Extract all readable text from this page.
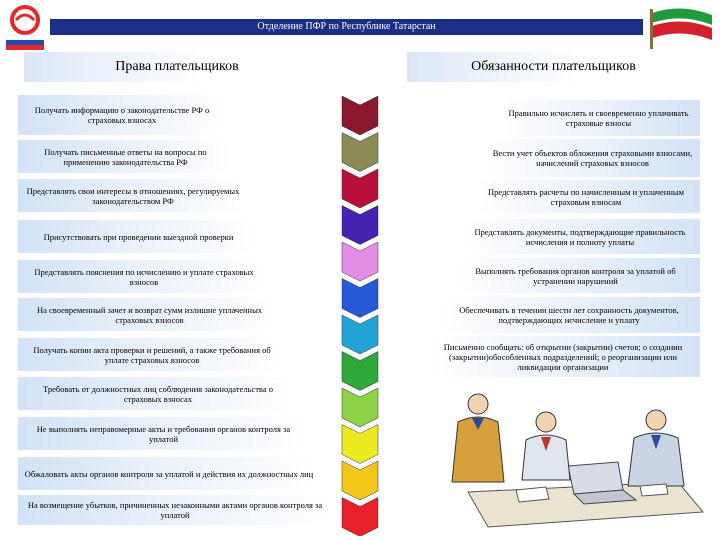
Отделение ПФР по Республике Татарстан
Права плательщиков	Обязанности плательщиков
Получать информацию о законодательстве РФ о страховых взносах
Получать письменные ответы на вопросы по применению законодательства РФ
Представлять свои интересы в отношениях, регулируемых законодательством РФ
Присутствовать при проведении выездной проверки
Представлять пояснения по исчислению и уплате страховых взносов
На своевременный зачет и возврат сумм излишне уплаченных страховых взносов
Получать копии акта проверки и решений, а также требования об уплате страховых взносов
Требовать от должностных лиц соблюдения законодательства о страховых взносах
Не выполнять неправомерные акты и требования органов контроля за уплатой
Обжаловать акты органов контроля за уплатой и действия их должностных лиц
На возмещение убытков, причиненных незаконными актами органов контроля за уплатой
Правильно исчислять и своевременно уплачивать страховые взносы
Вести учет объектов обложения страховыми взносами, начислений страховых взносов
Представлять расчеты по начисленным и уплаченным страховым взносам
Представлять документы, подтверждающие правильность исчисления и полноту уплаты
Выполнять требования органов контроля за уплатой об устранении нарушений
Обеспечивать в течении шести лет сохранность документов, подтверждающих исчисление и уплату
Письменно сообщать: об открытии (закрытии) счетов; о создании (закрытии)обособленных подразделений; о реорганизации или ликвидации организации
